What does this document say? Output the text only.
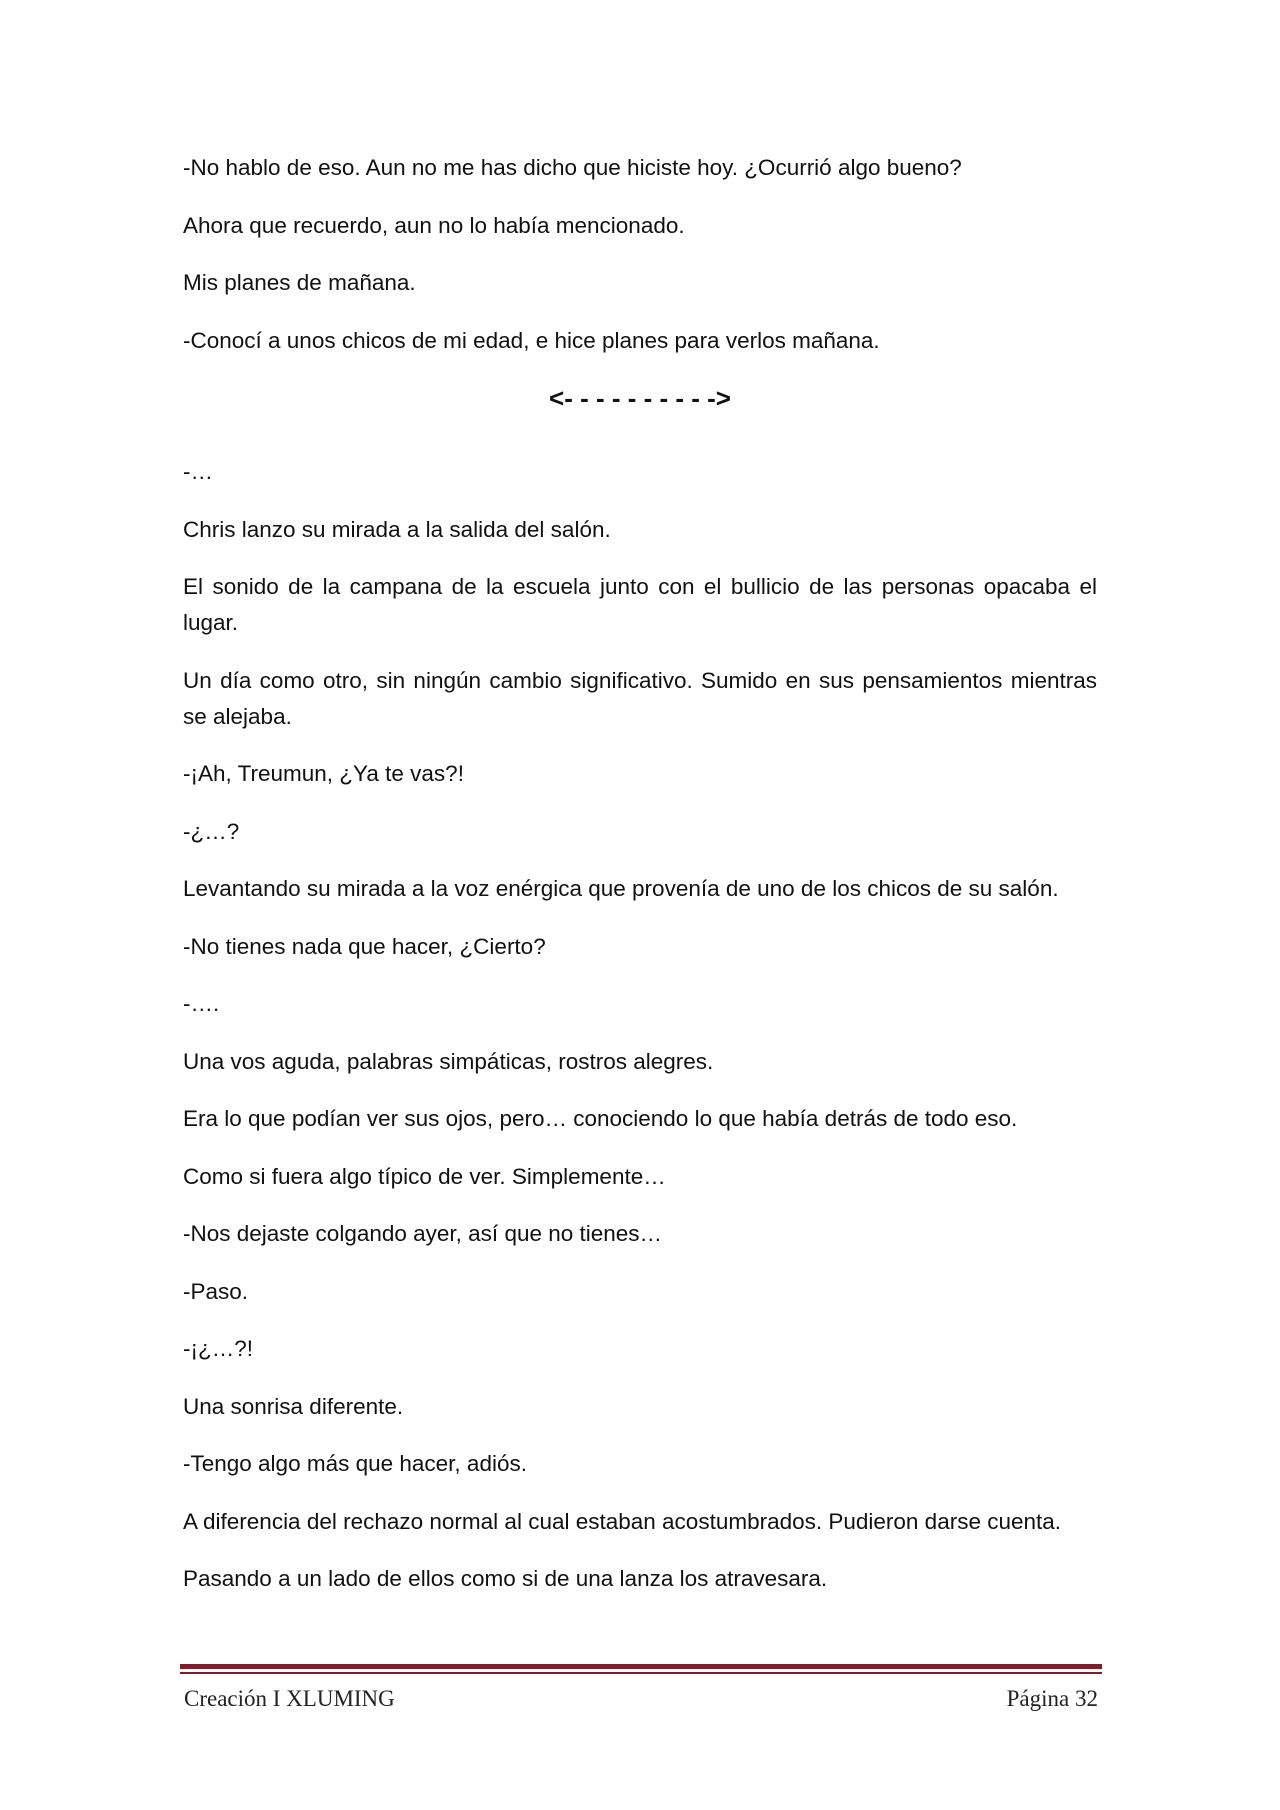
-No hablo de eso. Aun no me has dicho que hiciste hoy. ¿Ocurrió algo bueno?

Ahora que recuerdo, aun no lo había mencionado.

Mis planes de mañana.

-Conocí a unos chicos de mi edad, e hice planes para verlos mañana.

<- - - - - - - - - ->

-…

Chris lanzo su mirada a la salida del salón.

El sonido de la campana de la escuela junto con el bullicio de las personas opacaba el lugar.

Un día como otro, sin ningún cambio significativo. Sumido en sus pensamientos mientras se alejaba.

-¡Ah, Treumun, ¿Ya te vas?!

-¿…?

Levantando su mirada a la voz enérgica que provenía de uno de los chicos de su salón.

-No tienes nada que hacer, ¿Cierto?

-….

Una vos aguda, palabras simpáticas, rostros alegres.

Era lo que podían ver sus ojos, pero… conociendo lo que había detrás de todo eso.

Como si fuera algo típico de ver. Simplemente…

-Nos dejaste colgando ayer, así que no tienes…

-Paso.

-¡¿…?!

Una sonrisa diferente.

-Tengo algo más que hacer, adiós.

A diferencia del rechazo normal al cual estaban acostumbrados. Pudieron darse cuenta.

Pasando a un lado de ellos como si de una lanza los atravesara.

Creación I XLUMING	Página 32
